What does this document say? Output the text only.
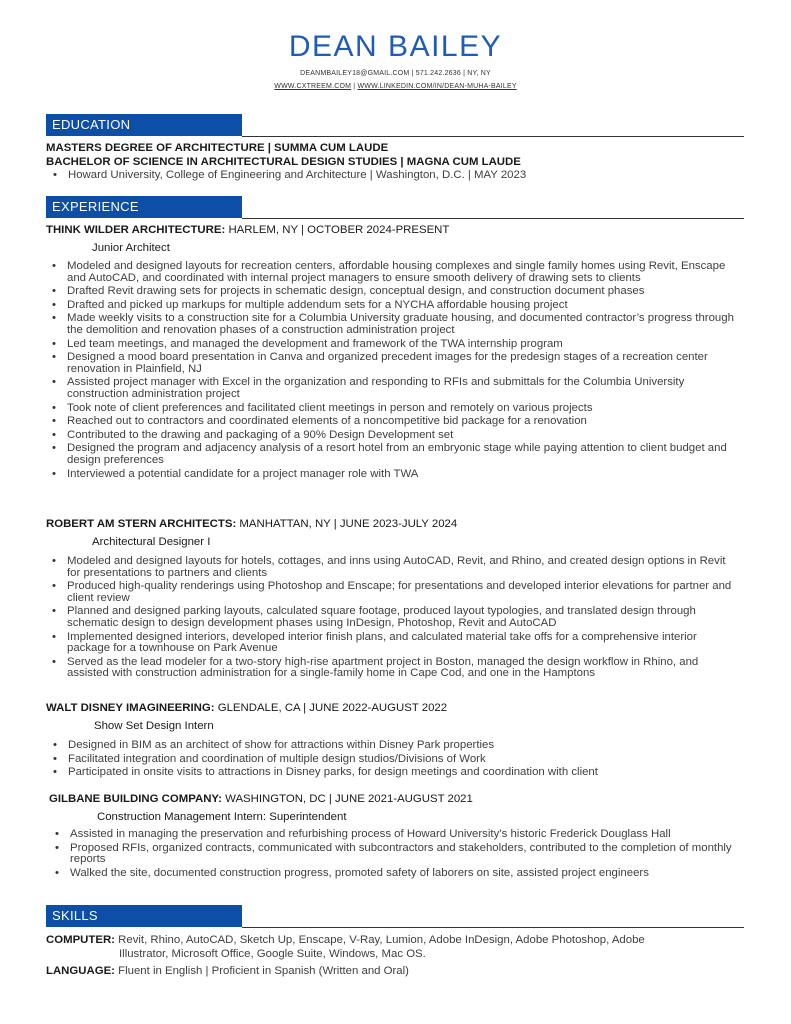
DEAN BAILEY
DEANMBAILEY18@GMAIL.COM | 571.242.2636 | NY, NY
WWW.CXTREEM.COM | WWW.LINKEDIN.COM/IN/DEAN-MUHA-BAILEY
EDUCATION
MASTERS DEGREE OF ARCHITECTURE | SUMMA CUM LAUDE
BACHELOR OF SCIENCE IN ARCHITECTURAL DESIGN STUDIES | MAGNA CUM LAUDE
• Howard University, College of Engineering and Architecture | Washington, D.C. | MAY 2023
EXPERIENCE
THINK WILDER ARCHITECTURE: HARLEM, NY | OCTOBER 2024-PRESENT
Junior Architect
• Modeled and designed layouts for recreation centers, affordable housing complexes and single family homes using Revit, Enscape and AutoCAD, and coordinated with internal project managers to ensure smooth delivery of drawing sets to clients
• Drafted Revit drawing sets for projects in schematic design, conceptual design, and construction document phases
• Drafted and picked up markups for multiple addendum sets for a NYCHA affordable housing project
• Made weekly visits to a construction site for a Columbia University graduate housing, and documented contractor’s progress through the demolition and renovation phases of a construction administration project
• Led team meetings, and managed the development and framework of the TWA internship program
• Designed a mood board presentation in Canva and organized precedent images for the predesign stages of a recreation center renovation in Plainfield, NJ
• Assisted project manager with Excel in the organization and responding to RFIs and submittals for the Columbia University construction administration project
• Took note of client preferences and facilitated client meetings in person and remotely on various projects
• Reached out to contractors and coordinated elements of a noncompetitive bid package for a renovation
• Contributed to the drawing and packaging of a 90% Design Development set
• Designed the program and adjacency analysis of a resort hotel from an embryonic stage while paying attention to client budget and design preferences
• Interviewed a potential candidate for a project manager role with TWA
ROBERT AM STERN ARCHITECTS: MANHATTAN, NY | JUNE 2023-JULY 2024
Architectural Designer I
• Modeled and designed layouts for hotels, cottages, and inns using AutoCAD, Revit, and Rhino, and created design options in Revit for presentations to partners and clients
• Produced high-quality renderings using Photoshop and Enscape; for presentations and developed interior elevations for partner and client review
• Planned and designed parking layouts, calculated square footage, produced layout typologies, and translated design through schematic design to design development phases using InDesign, Photoshop, Revit and AutoCAD
• Implemented designed interiors, developed interior finish plans, and calculated material take offs for a comprehensive interior package for a townhouse on Park Avenue
• Served as the lead modeler for a two-story high-rise apartment project in Boston, managed the design workflow in Rhino, and assisted with construction administration for a single-family home in Cape Cod, and one in the Hamptons
WALT DISNEY IMAGINEERING: GLENDALE, CA | JUNE 2022-AUGUST 2022
Show Set Design Intern
• Designed in BIM as an architect of show for attractions within Disney Park properties
• Facilitated integration and coordination of multiple design studios/Divisions of Work
• Participated in onsite visits to attractions in Disney parks, for design meetings and coordination with client
GILBANE BUILDING COMPANY: WASHINGTON, DC | JUNE 2021-AUGUST 2021
Construction Management Intern: Superintendent
• Assisted in managing the preservation and refurbishing process of Howard University’s historic Frederick Douglass Hall
• Proposed RFIs, organized contracts, communicated with subcontractors and stakeholders, contributed to the completion of monthly reports
• Walked the site, documented construction progress, promoted safety of laborers on site, assisted project engineers
SKILLS
COMPUTER: Revit, Rhino, AutoCAD, Sketch Up, Enscape, V-Ray, Lumion, Adobe InDesign, Adobe Photoshop, Adobe
Illustrator, Microsoft Office, Google Suite, Windows, Mac OS.
LANGUAGE: Fluent in English | Proficient in Spanish (Written and Oral)
